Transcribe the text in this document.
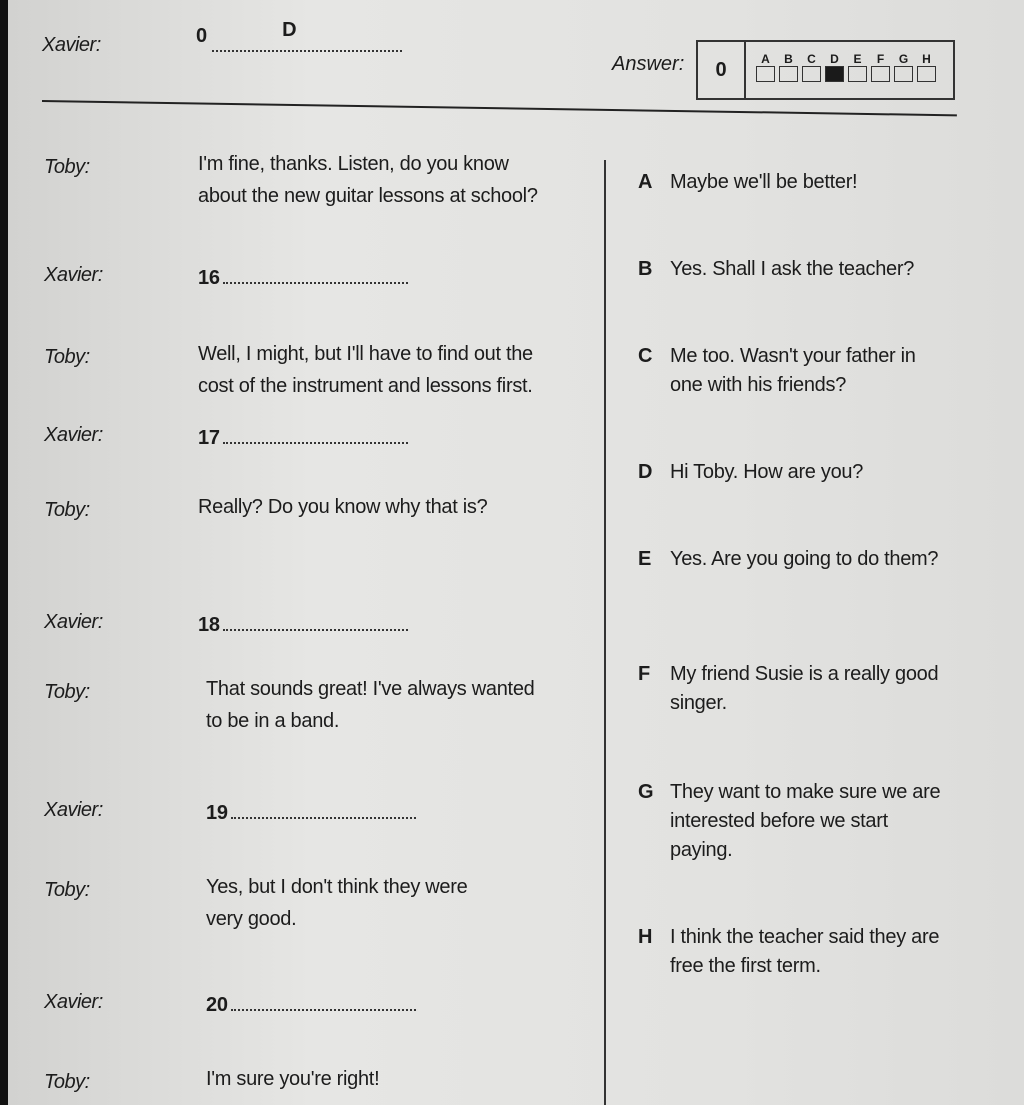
Xavier:	0	D

Answer:	0	A B C D E F G H
Toby:	I'm fine, thanks. Listen, do you know
about the new guitar lessons at school?
Xavier:	16
Toby:	Well, I might, but I'll have to find out the
cost of the instrument and lessons first.
Xavier:	17
Toby:	Really? Do you know why that is?
Xavier:	18
Toby:	That sounds great! I've always wanted
to be in a band.
Xavier:	19
Toby:	Yes, but I don't think they were
very good.
Xavier:	20
Toby:	I'm sure you're right!
A Maybe we'll be better!
B Yes. Shall I ask the teacher?
C Me too. Wasn't your father in one with his friends?
D Hi Toby. How are you?
E Yes. Are you going to do them?
F	My friend Susie is a really good singer.
G They want to make sure we are interested before we start paying.
H I think the teacher said they are free the first term.
